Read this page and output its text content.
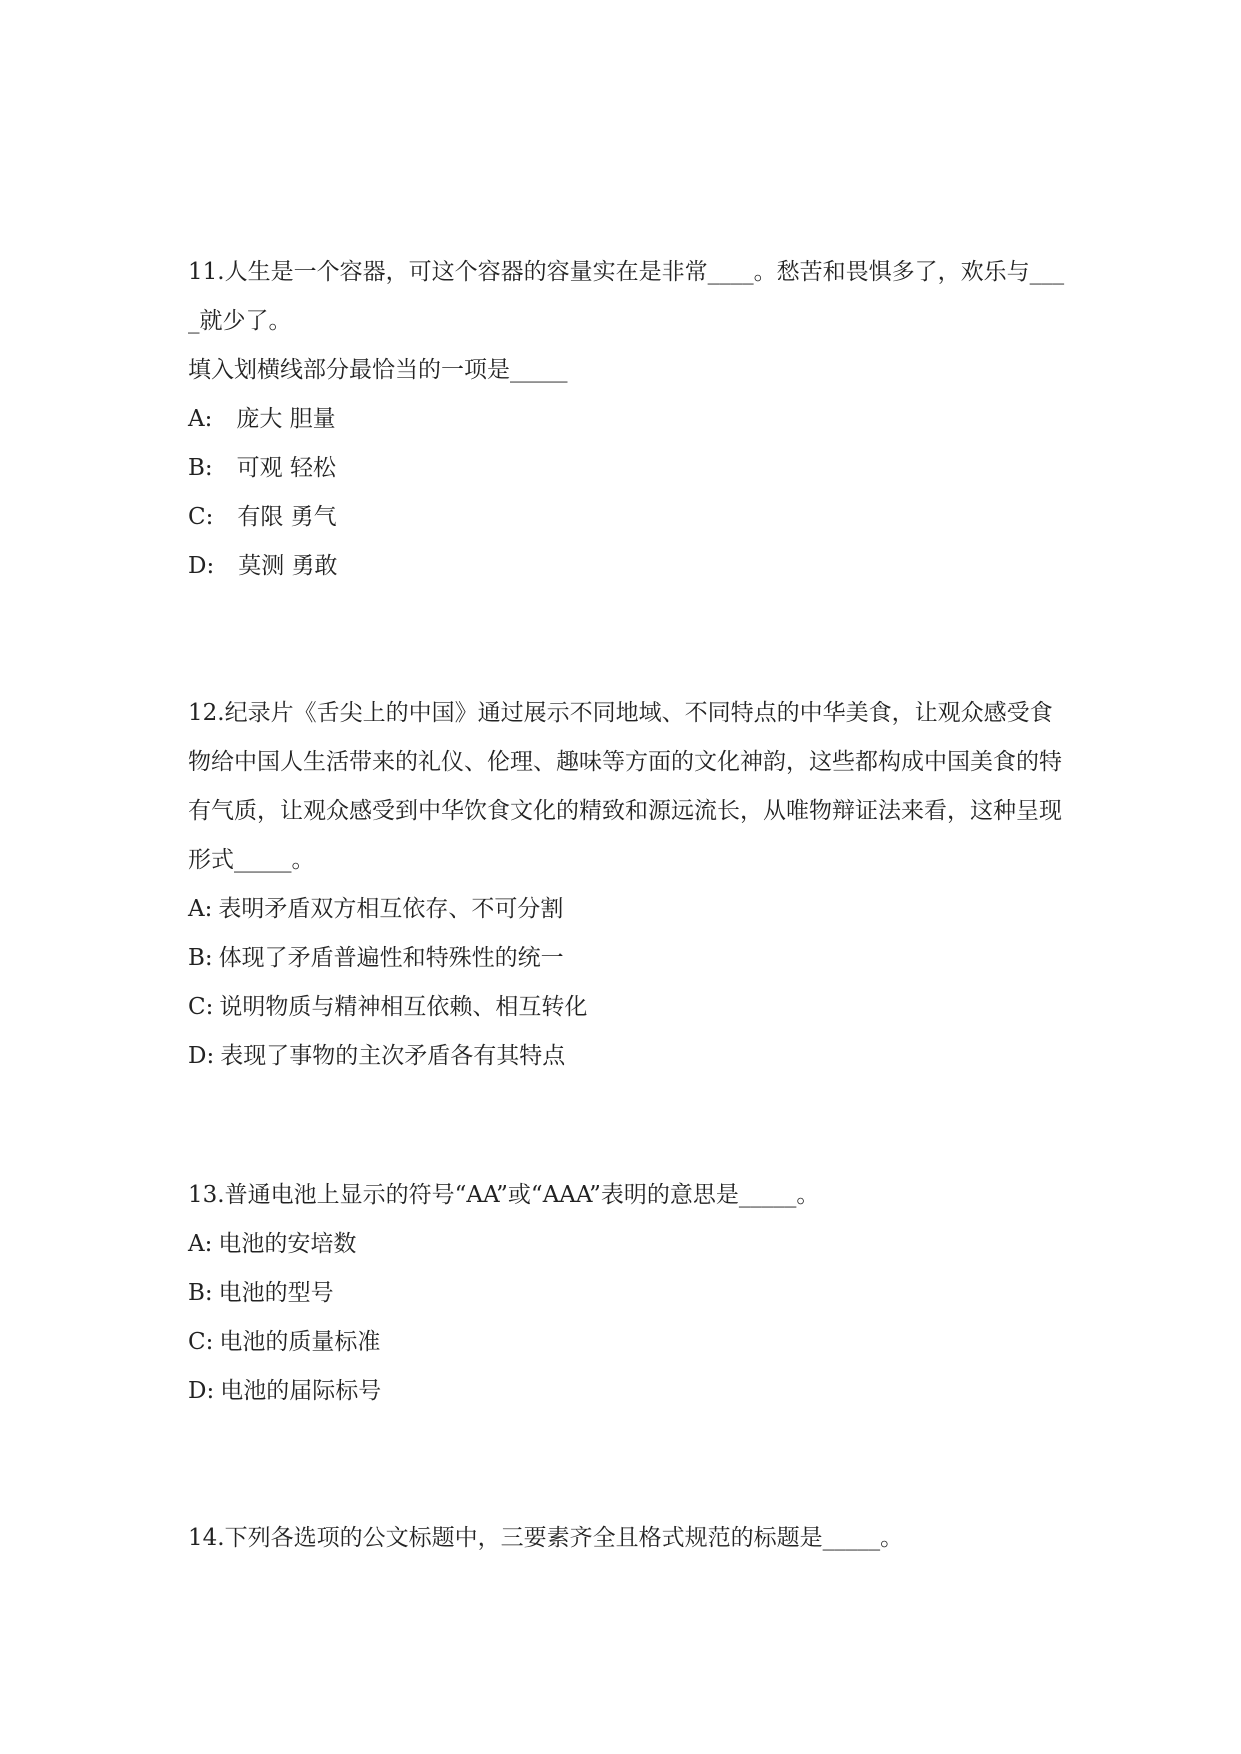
11.人生是一个容器，可这个容器的容量实在是非常____。愁苦和畏惧多了，欢乐与____就少了。
填入划横线部分最恰当的一项是_____
A: 庞大 胆量
B: 可观 轻松
C: 有限 勇气
D: 莫测 勇敢
12.纪录片《舌尖上的中国》通过展示不同地域、不同特点的中华美食，让观众感受食物给中国人生活带来的礼仪、伦理、趣味等方面的文化神韵，这些都构成中国美食的特有气质，让观众感受到中华饮食文化的精致和源远流长，从唯物辩证法来看，这种呈现形式_____。
A: 表明矛盾双方相互依存、不可分割
B: 体现了矛盾普遍性和特殊性的统一
C: 说明物质与精神相互依赖、相互转化
D: 表现了事物的主次矛盾各有其特点
13.普通电池上显示的符号“AA”或“AAA”表明的意思是_____。
A: 电池的安培数
B: 电池的型号
C: 电池的质量标准
D: 电池的届际标号
14.下列各选项的公文标题中，三要素齐全且格式规范的标题是_____。
